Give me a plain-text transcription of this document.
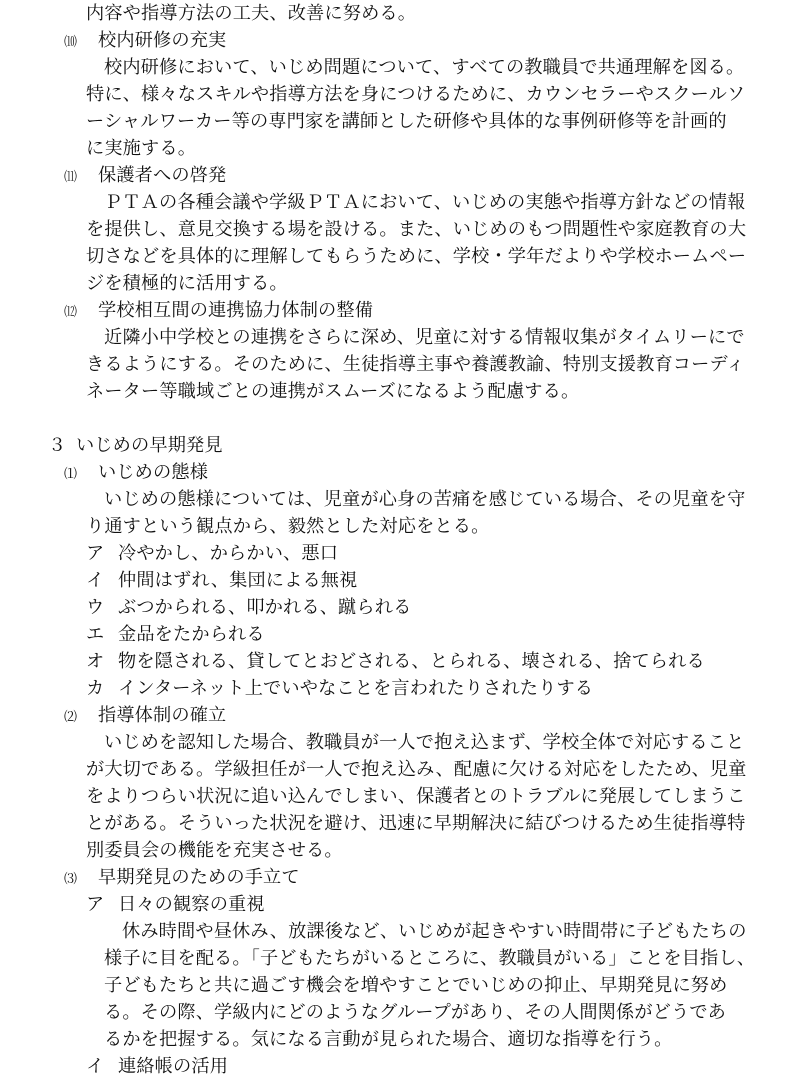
内容や指導方法の工夫、改善に努める。
⑽ 校内研修の充実
校内研修において、いじめ問題について、すべての教職員で共通理解を図る。
特に、様々なスキルや指導方法を身につけるために、カウンセラーやスクールソ
ーシャルワーカー等の専門家を講師とした研修や具体的な事例研修等を計画的
に実施する。
⑾ 保護者への啓発
ＰＴＡの各種会議や学級ＰＴＡにおいて、いじめの実態や指導方針などの情報
を提供し、意見交換する場を設ける。また、いじめのもつ問題性や家庭教育の大
切さなどを具体的に理解してもらうために、学校・学年だよりや学校ホームペー
ジを積極的に活用する。
⑿ 学校相互間の連携協力体制の整備
近隣小中学校との連携をさらに深め、児童に対する情報収集がタイムリーにで
きるようにする。そのために、生徒指導主事や養護教諭、特別支援教育コーディ
ネーター等職域ごとの連携がスムーズになるよう配慮する。
３ いじめの早期発見
⑴ いじめの態様
いじめの態様については、児童が心身の苦痛を感じている場合、その児童を守
り通すという観点から、毅然とした対応をとる。
ア 冷やかし、からかい、悪口
イ 仲間はずれ、集団による無視
ウ ぶつかられる、叩かれる、蹴られる
エ 金品をたかられる
オ 物を隠される、貸してとおどされる、とられる、壊される、捨てられる
カ インターネット上でいやなことを言われたりされたりする
⑵ 指導体制の確立
いじめを認知した場合、教職員が一人で抱え込まず、学校全体で対応すること
が大切である。学級担任が一人で抱え込み、配慮に欠ける対応をしたため、児童
をよりつらい状況に追い込んでしまい、保護者とのトラブルに発展してしまうこ
とがある。そういった状況を避け、迅速に早期解決に結びつけるため生徒指導特
別委員会の機能を充実させる。
⑶ 早期発見のための手立て
ア 日々の観察の重視
休み時間や昼休み、放課後など、いじめが起きやすい時間帯に子どもたちの
様子に目を配る。「子どもたちがいるところに、教職員がいる」ことを目指し、
子どもたちと共に過ごす機会を増やすことでいじめの抑止、早期発見に努め
る。その際、学級内にどのようなグループがあり、その人間関係がどうであ
るかを把握する。気になる言動が見られた場合、適切な指導を行う。
イ 連絡帳の活用
